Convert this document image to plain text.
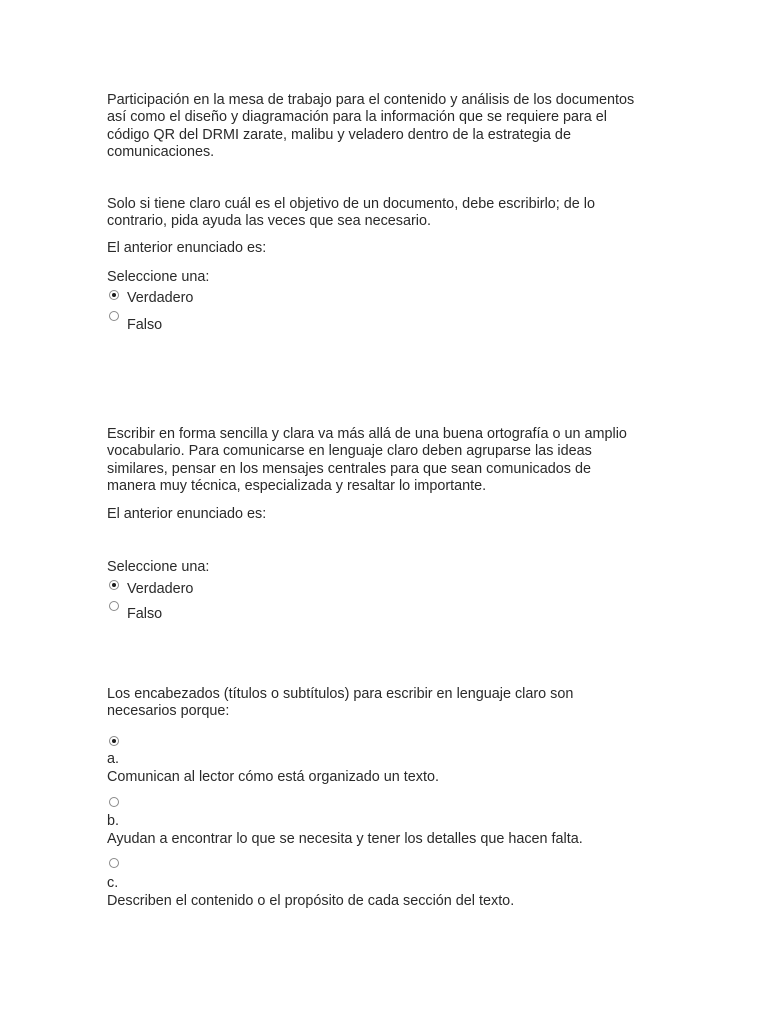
Participación en la mesa de trabajo para el contenido y análisis de los documentos
así como el diseño y diagramación para la información que se requiere para el
código QR del DRMI zarate, malibu y veladero dentro de la estrategia de
comunicaciones.
Solo si tiene claro cuál es el objetivo de un documento, debe escribirlo; de lo
contrario, pida ayuda las veces que sea necesario.
El anterior enunciado es:
Seleccione una:
Verdadero
Falso
Escribir en forma sencilla y clara va más allá de una buena ortografía o un amplio
vocabulario. Para comunicarse en lenguaje claro deben agruparse las ideas
similares, pensar en los mensajes centrales para que sean comunicados de
manera muy técnica, especializada y resaltar lo importante.
El anterior enunciado es:
Seleccione una:
Verdadero
Falso
Los encabezados (títulos o subtítulos) para escribir en lenguaje claro son
necesarios porque:
a.
Comunican al lector cómo está organizado un texto.
b.
Ayudan a encontrar lo que se necesita y tener los detalles que hacen falta.
c.
Describen el contenido o el propósito de cada sección del texto.
